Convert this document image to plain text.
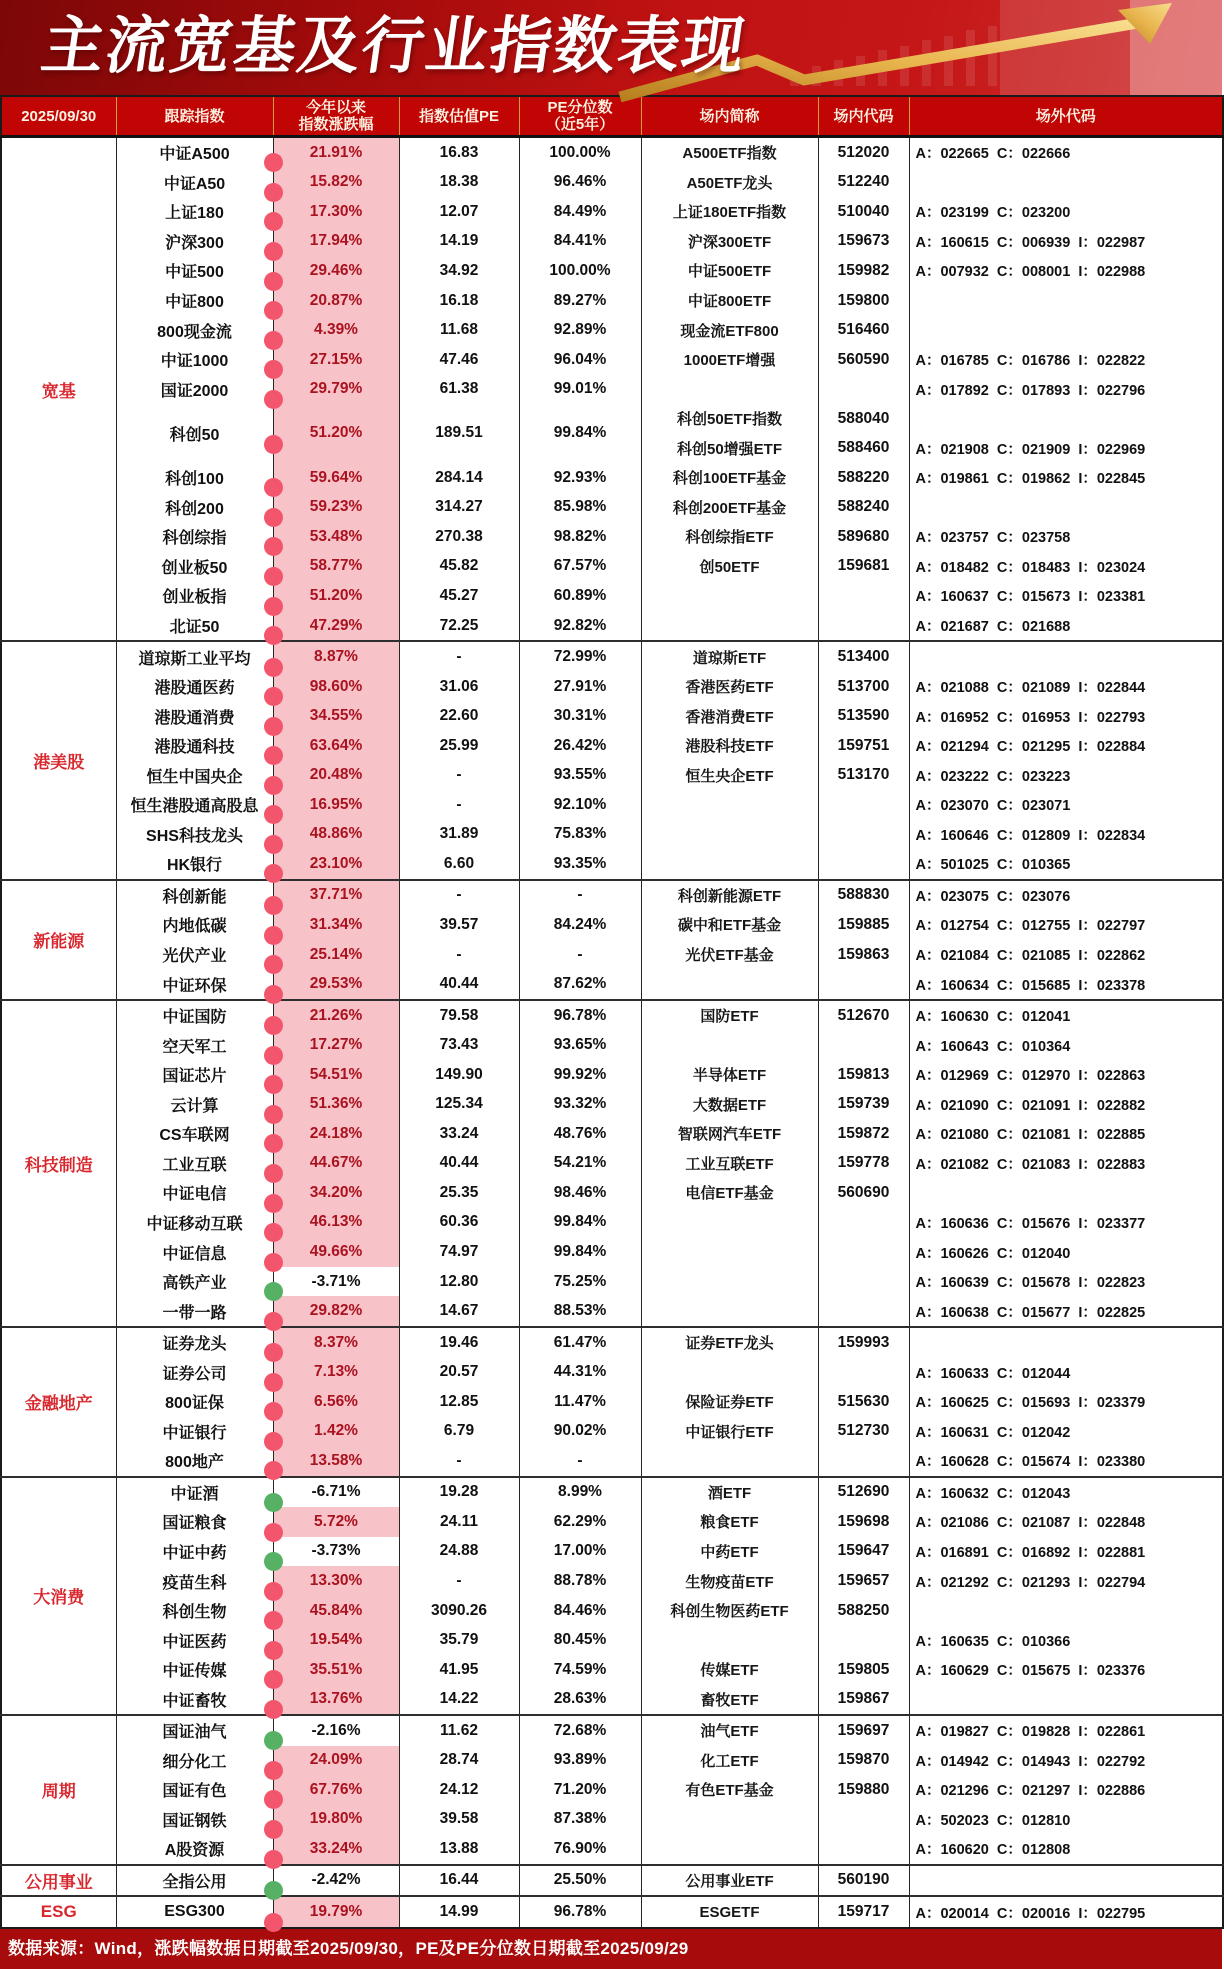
主流宽基及行业指数表现
2025/09/30	跟踪指数	今年以来
指数涨跌幅	指数估值PE	PE分位数
（近5年）	场内简称	场内代码	场外代码
宽基	中证A500	21.91%	16.83	100.00%	A500ETF指数	512020	A：022665  C：022666
	中证A50	15.82%	18.38	96.46%	A50ETF龙头	512240	
	上证180	17.30%	12.07	84.49%	上证180ETF指数	510040	A：023199  C：023200
	沪深300	17.94%	14.19	84.41%	沪深300ETF	159673	A：160615  C：006939  I：022987
	中证500	29.46%	34.92	100.00%	中证500ETF	159982	A：007932  C：008001  I：022988
	中证800	20.87%	16.18	89.27%	中证800ETF	159800	
	800现金流	4.39%	11.68	92.89%	现金流ETF800	516460	
	中证1000	27.15%	47.46	96.04%	1000ETF增强	560590	A：016785  C：016786  I：022822
	国证2000	29.79%	61.38	99.01%			A：017892  C：017893  I：022796
	科创50	51.20%	189.51	99.84%	科创50ETF指数	588040	
					科创50增强ETF	588460	A：021908  C：021909  I：022969
	科创100	59.64%	284.14	92.93%	科创100ETF基金	588220	A：019861  C：019862  I：022845
	科创200	59.23%	314.27	85.98%	科创200ETF基金	588240	
	科创综指	53.48%	270.38	98.82%	科创综指ETF	589680	A：023757  C：023758
	创业板50	58.77%	45.82	67.57%	创50ETF	159681	A：018482  C：018483  I：023024
	创业板指	51.20%	45.27	60.89%			A：160637  C：015673  I：023381
	北证50	47.29%	72.25	92.82%			A：021687  C：021688
港美股	道琼斯工业平均	8.87%	-	72.99%	道琼斯ETF	513400	
	港股通医药	98.60%	31.06	27.91%	香港医药ETF	513700	A：021088  C：021089  I：022844
	港股通消费	34.55%	22.60	30.31%	香港消费ETF	513590	A：016952  C：016953  I：022793
	港股通科技	63.64%	25.99	26.42%	港股科技ETF	159751	A：021294  C：021295  I：022884
	恒生中国央企	20.48%	-	93.55%	恒生央企ETF	513170	A：023222  C：023223
	恒生港股通高股息	16.95%	-	92.10%			A：023070  C：023071
	SHS科技龙头	48.86%	31.89	75.83%			A：160646  C：012809  I：022834
	HK银行	23.10%	6.60	93.35%			A：501025  C：010365
新能源	科创新能	37.71%	-	-	科创新能源ETF	588830	A：023075  C：023076
	内地低碳	31.34%	39.57	84.24%	碳中和ETF基金	159885	A：012754  C：012755  I：022797
	光伏产业	25.14%	-	-	光伏ETF基金	159863	A：021084  C：021085  I：022862
	中证环保	29.53%	40.44	87.62%			A：160634  C：015685  I：023378
科技制造	中证国防	21.26%	79.58	96.78%	国防ETF	512670	A：160630  C：012041
	空天军工	17.27%	73.43	93.65%			A：160643  C：010364
	国证芯片	54.51%	149.90	99.92%	半导体ETF	159813	A：012969  C：012970  I：022863
	云计算	51.36%	125.34	93.32%	大数据ETF	159739	A：021090  C：021091  I：022882
	CS车联网	24.18%	33.24	48.76%	智联网汽车ETF	159872	A：021080  C：021081  I：022885
	工业互联	44.67%	40.44	54.21%	工业互联ETF	159778	A：021082  C：021083  I：022883
	中证电信	34.20%	25.35	98.46%	电信ETF基金	560690	
	中证移动互联	46.13%	60.36	99.84%			A：160636  C：015676  I：023377
	中证信息	49.66%	74.97	99.84%			A：160626  C：012040
	高铁产业	-3.71%	12.80	75.25%			A：160639  C：015678  I：022823
	一带一路	29.82%	14.67	88.53%			A：160638  C：015677  I：022825
金融地产	证券龙头	8.37%	19.46	61.47%	证券ETF龙头	159993	
	证券公司	7.13%	20.57	44.31%			A：160633  C：012044
	800证保	6.56%	12.85	11.47%	保险证券ETF	515630	A：160625  C：015693  I：023379
	中证银行	1.42%	6.79	90.02%	中证银行ETF	512730	A：160631  C：012042
	800地产	13.58%	-	-			A：160628  C：015674  I：023380
大消费	中证酒	-6.71%	19.28	8.99%	酒ETF	512690	A：160632  C：012043
	国证粮食	5.72%	24.11	62.29%	粮食ETF	159698	A：021086  C：021087  I：022848
	中证中药	-3.73%	24.88	17.00%	中药ETF	159647	A：016891  C：016892  I：022881
	疫苗生科	13.30%	-	88.78%	生物疫苗ETF	159657	A：021292  C：021293  I：022794
	科创生物	45.84%	3090.26	84.46%	科创生物医药ETF	588250	
	中证医药	19.54%	35.79	80.45%			A：160635  C：010366
	中证传媒	35.51%	41.95	74.59%	传媒ETF	159805	A：160629  C：015675  I：023376
	中证畜牧	13.76%	14.22	28.63%	畜牧ETF	159867	
周期	国证油气	-2.16%	11.62	72.68%	油气ETF	159697	A：019827  C：019828  I：022861
	细分化工	24.09%	28.74	93.89%	化工ETF	159870	A：014942  C：014943  I：022792
	国证有色	67.76%	24.12	71.20%	有色ETF基金	159880	A：021296  C：021297  I：022886
	国证钢铁	19.80%	39.58	87.38%			A：502023  C：012810
	A股资源	33.24%	13.88	76.90%			A：160620  C：012808
公用事业	全指公用	-2.42%	16.44	25.50%	公用事业ETF	560190	
ESG	ESG300	19.79%	14.99	96.78%	ESGETF	159717	A：020014  C：020016  I：022795
数据来源：Wind，涨跌幅数据日期截至2025/09/30，PE及PE分位数日期截至2025/09/29
